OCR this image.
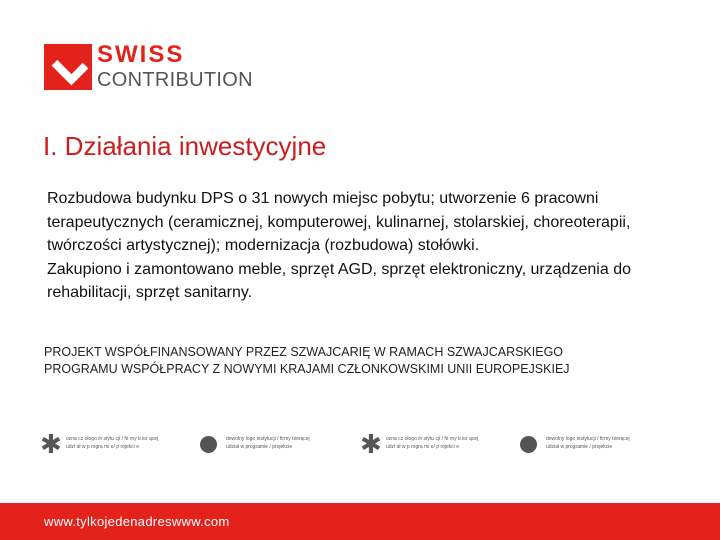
SWISS
CONTRIBUTION
I. Działania inwestycyjne

Rozbudowa budynku DPS o 31 nowych miejsc pobytu; utworzenie 6 pracowni terapeutycznych (ceramicznej, komputerowej, kulinarnej, stolarskiej, choreoterapii, twórczości artystycznej); modernizacja (rozbudowa) stołówki.

Zakupiono i zamontowano meble, sprzęt AGD, sprzęt elektroniczny, urządzenia do rehabilitacji, sprzęt sanitarny.

PROJEKT WSPÓŁFINANSOWANY PRZEZ SZWAJCARIĘ W RAMACH SZWAJCARSKIEGO

PROGRAMU WSPÓŁPRACY Z NOWYMI KRAJAMI CZŁONKOWSKIMI UNII EUROPEJSKIEJ

✱ ozna cz ologo in stytu cji / fir my b ior ącej
udzi ał w p rogra mi e/ p rojekci e
dowolny logo instytucji / firmy biorącej
udział w programie / projekcie	✱ ozna cz ologo in stytu cji / fir my b ior ącej
udzi ał w p rogra mi e/ p rojekci e
dowolny logo instytucji / firmy biorącej
udział w programie / projekcie
www.tylkojedenadreswww.com
